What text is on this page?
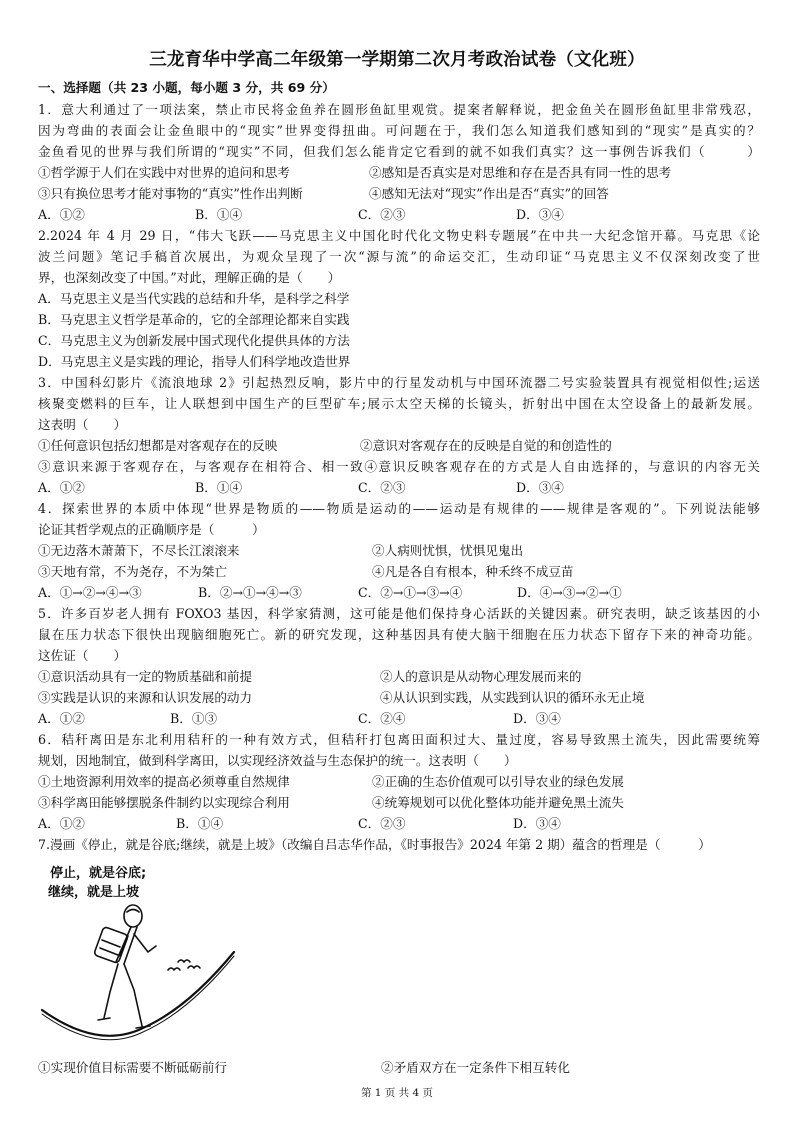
三龙育华中学高二年级第一学期第二次月考政治试卷（文化班）
一、选择题（共 23 小题，每小题 3 分，共 69 分）
1．意大利通过了一项法案，禁止市民将金鱼养在圆形鱼缸里观赏。提案者解释说，把金鱼关在圆形鱼缸里非常残忍，
因为弯曲的表面会让金鱼眼中的“现实”世界变得扭曲。可问题在于，我们怎么知道我们感知到的“现实”是真实的？
金鱼看见的世界与我们所谓的“现实”不同，但我们怎么能肯定它看到的就不如我们真实？这一事例告诉我们（　　　）
①哲学源于人们在实践中对世界的追问和思考	②感知是否真实是对思维和存在是否具有同一性的思考
③只有换位思考才能对事物的“真实”性作出判断	④感知无法对“现实”作出是否“真实”的回答
A．①②	B．①④	C．②③	D．③④
2.2024 年 4 月 29 日，“伟大飞跃——马克思主义中国化时代化文物史料专题展”在中共一大纪念馆开幕。马克思《论
波兰问题》笔记手稿首次展出，为观众呈现了一次“源与流”的命运交汇，生动印证“马克思主义不仅深刻改变了世
界，也深刻改变了中国。”对此，理解正确的是（　　）
A．马克思主义是当代实践的总结和升华，是科学之科学
B．马克思主义哲学是革命的，它的全部理论都来自实践
C．马克思主义为创新发展中国式现代化提供具体的方法
D．马克思主义是实践的理论，指导人们科学地改造世界
3．中国科幻影片《流浪地球 2》引起热烈反响，影片中的行星发动机与中国环流器二号实验装置具有视觉相似性;运送
核聚变燃料的巨车，让人联想到中国生产的巨型矿车;展示太空天梯的长镜头，折射出中国在太空设备上的最新发展。
这表明（　　）
①任何意识包括幻想都是对客观存在的反映	②意识对客观存在的反映是自觉的和创造性的
③意识来源于客观存在，与客观存在相符合、相一致④意识反映客观存在的方式是人自由选择的，与意识的内容无关
A．①②	B．①④	C．②③	D．③④
4．探索世界的本质中体现“世界是物质的——物质是运动的——运动是有规律的——规律是客观的”。下列说法能够
论证其哲学观点的正确顺序是（　　　）
①无边落木萧萧下，不尽长江滚滚来	②人病则忧惧，忧惧见鬼出
③天地有常，不为尧存，不为桀亡	④凡是各自有根本，种禾终不成豆苗
A．①→②→④→③	B．②→①→④→③	C．②→①→③→④	D．④→③→②→①
5．许多百岁老人拥有 FOXO3 基因，科学家猜测，这可能是他们保持身心活跃的关键因素。研究表明，缺乏该基因的小
鼠在压力状态下很快出现脑细胞死亡。新的研究发现，这种基因具有使大脑干细胞在压力状态下留存下来的神奇功能。
这佐证（　　）
①意识活动具有一定的物质基础和前提	②人的意识是从动物心理发展而来的
③实践是认识的来源和认识发展的动力	④从认识到实践，从实践到认识的循环永无止境
A．①②	B．①③	C．②④	D．③④
6．秸秆离田是东北利用秸秆的一种有效方式，但秸秆打包离田面积过大、量过度，容易导致黑土流失，因此需要统筹
规划，因地制宜，做到科学离田，以实现经济效益与生态保护的统一。这表明（　　）
①土地资源利用效率的提高必须尊重自然规律	②正确的生态价值观可以引导农业的绿色发展
③科学离田能够摆脱条件制约以实现综合利用	④统筹规划可以优化整体功能并避免黑土流失
A．①②	B．①④	C．②③	D．③④
7.漫画《停止，就是谷底;继续，就是上坡》（改编自吕志华作品，《时事报告》2024 年第 2 期）蕴含的哲理是（　　　）
停止，就是谷底;
继续，就是上坡
①实现价值目标需要不断砥砺前行	②矛盾双方在一定条件下相互转化
第 1 页 共 4 页
